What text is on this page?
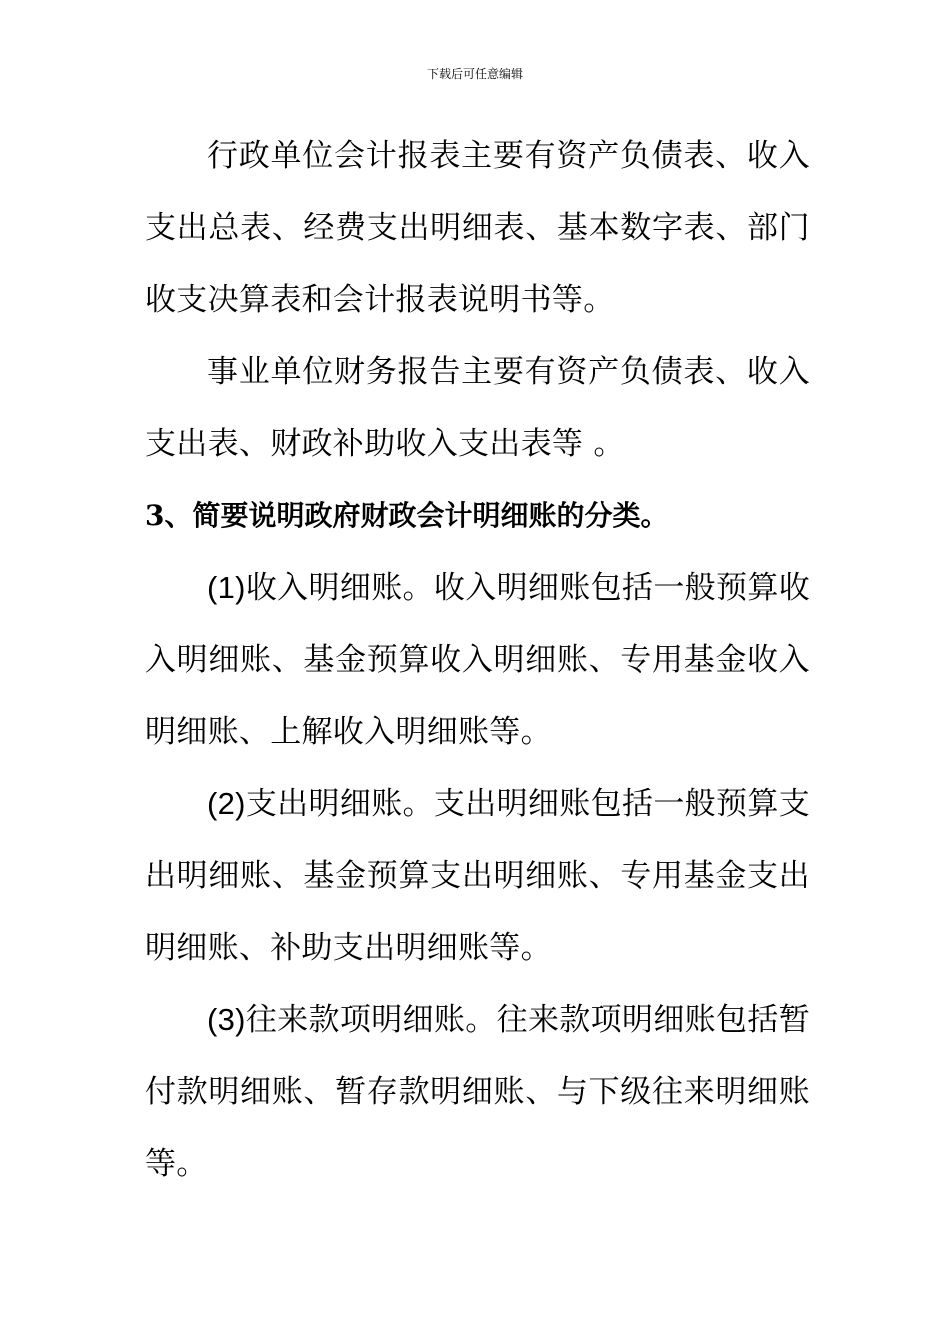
下载后可任意编辑

行政单位会计报表主要有资产负债表、收入支出总表、经费支出明细表、基本数字表、部门收支决算表和会计报表说明书等。

事业单位财务报告主要有资产负债表、收入支出表、财政补助收入支出表等 。

3、简要说明政府财政会计明细账的分类。

(1)收入明细账。收入明细账包括一般预算收入明细账、基金预算收入明细账、专用基金收入明细账、上解收入明细账等。

(2)支出明细账。支出明细账包括一般预算支出明细账、基金预算支出明细账、专用基金支出明细账、补助支出明细账等。

(3)往来款项明细账。往来款项明细账包括暂付款明细账、暂存款明细账、与下级往来明细账等。
